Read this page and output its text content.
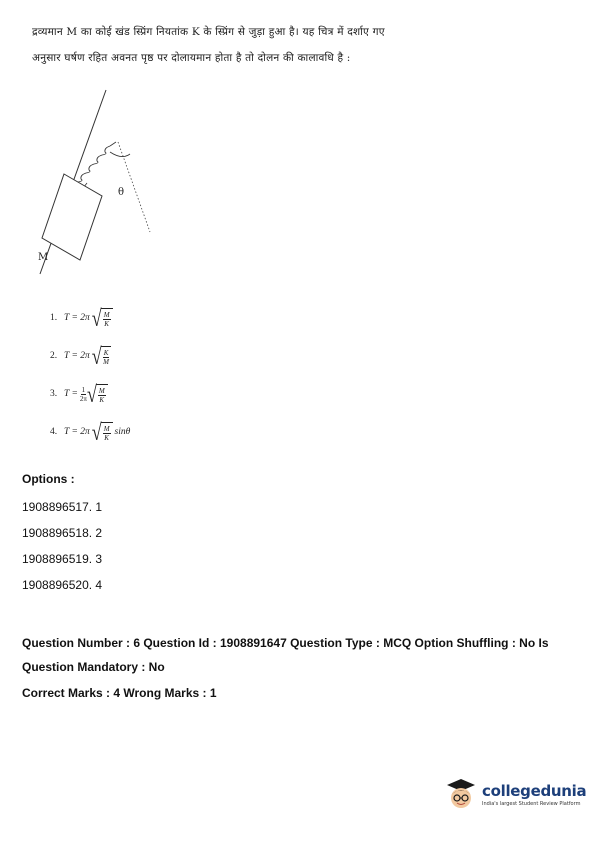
द्रव्यमान M का कोई खंड स्प्रिंग नियतांक K के स्प्रिंग से जुड़ा हुआ है। यह चित्र में दर्शाए गए
अनुसार घर्षण रहित अवनत पृष्ठ पर दोलायमान होता है तो दोलन की कालावधि है :
θ
M
1. T = 2π √ $\frac{M}{K}$
2. T = 2π √ $\frac{K}{M}$
3. $T = \frac{1}{2\pi}$ √ $\frac{M}{K}$
4. T = 2π √ $\frac{M}{K}$ sinθ
Options :
1908896517. 1
1908896518. 2
1908896519. 3
1908896520. 4
Question Number : 6 Question Id : 1908891647 Question Type : MCQ Option Shuffling : No Is
Question Mandatory : No
Correct Marks : 4 Wrong Marks : 1
collegedunia
India's largest Student Review Platform
